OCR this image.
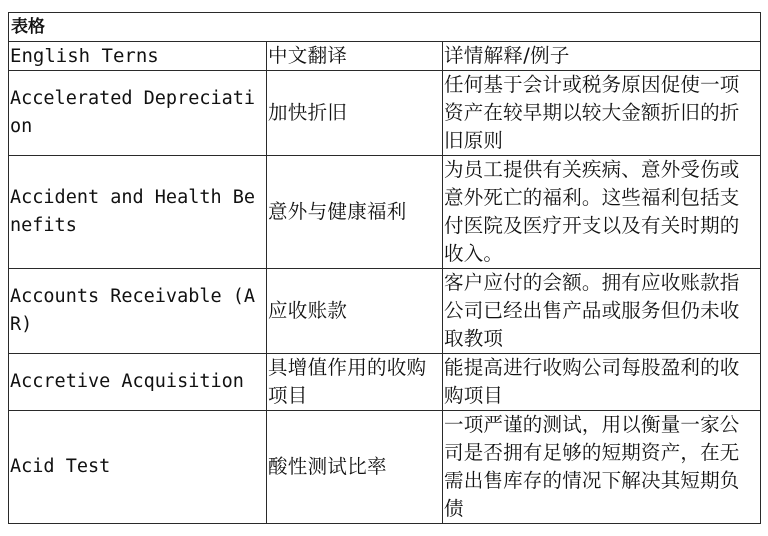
表格		
English Terns	中文翻译	详情解释/例子
Accelerated Depreciation	加快折旧	任何基于会计或税务原因促使一项资产在较早期以较大金额折旧的折旧原则
Accident and Health Benefits	意外与健康福利	为员工提供有关疾病、意外受伤或意外死亡的福利。这些福利包括支付医院及医疗开支以及有关时期的收入。
Accounts Receivable (AR)	应收账款	客户应付的会额。拥有应收账款指公司已经出售产品或服务但仍未收取教项
Accretive Acquisition	具增值作用的收购项目	能提高进行收购公司每股盈利的收购项目
Acid Test	酸性测试比率	一项严谨的测试，用以衡量一家公司是否拥有足够的短期资产，在无需出售库存的情况下解决其短期负债
